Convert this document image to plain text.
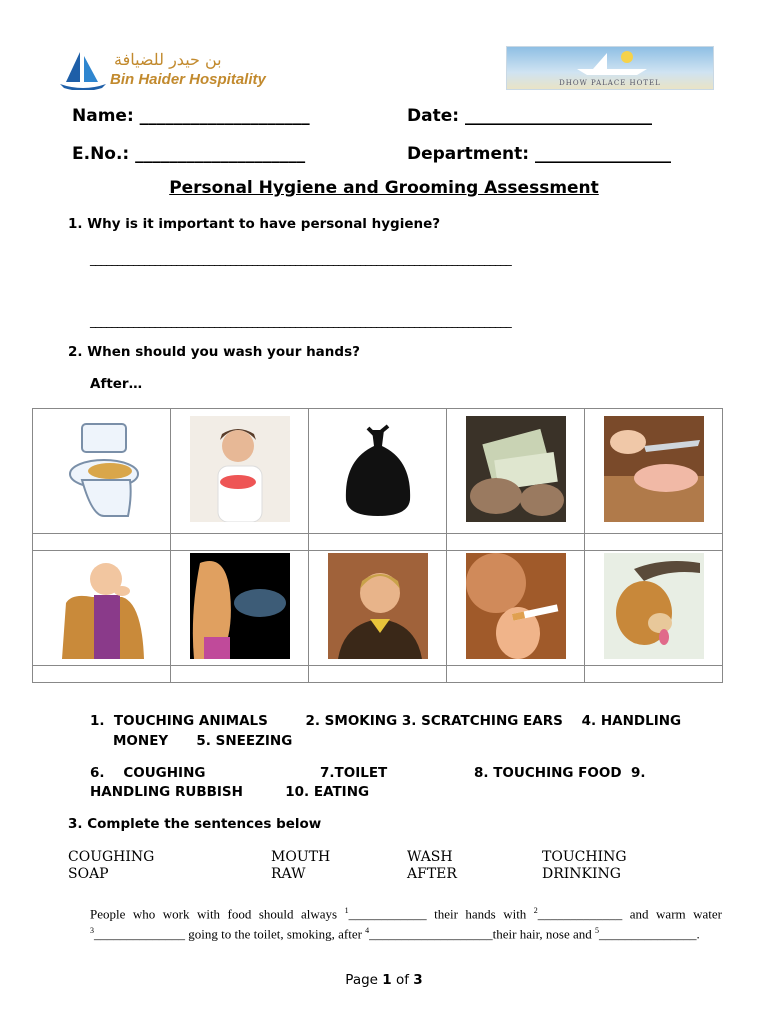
بن حيدر للضيافة
Bin Haider Hospitality	DHOW PALACE HOTEL
Name: ____________________	Date: ______________________
E.No.: ____________________	Department: ________________
Personal Hygiene and Grooming Assessment
1. Why is it important to have personal hygiene?
______________________________________________________________________________
______________________________________________________________________________
2. When should you wash your hands?
After…

1.  TOUCHING ANIMALS        2. SMOKING 3. SCRATCHING EARS    4. HANDLING
MONEY      5. SNEEZING
6.    COUGHING	7.TOILET	8. TOUCHING FOOD  9.
HANDLING RUBBISH         10. EATING
3. Complete the sentences below
COUGHING	MOUTH	WASH	TOUCHING
SOAP	RAW	AFTER	DRINKING
People who work with food should always $^1$____________ their hands with $^2$_____________ and warm water $^3$______________ going to the toilet, smoking, after $^4$___________________their hair, nose and $^5$_______________.
Page 1 of 3
